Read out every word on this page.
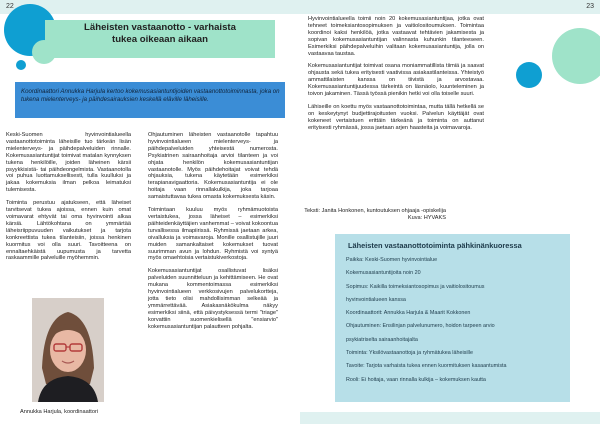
22
Läheisten vastaanotto - varhaista
tukea oikeaan aikaan
Koordinaattori Annukka Harjula kertoo kokemusasiantuntijoiden vastaanottotoiminnasta, joka on tukena mielenterveys- ja päihdesairauksien keskellä eläville läheisille.

Keski-Suomen hyvinvointialueella vastaanottotoiminta läheisille tuo tärkeän lisän mielenterveys- ja päihdepalveluiden rinnalle. Kokemusasiantuntijat toimivat matalan kynnyksen tukena henkilöille, joiden läheinen kärsii psyykkisistä- tai päihdeongelmista. Vastaanotolla voi puhua luottamuksellisesti, tulla kuulluksi ja jakaa kokemuksia ilman pelkoa leimatuksi tulemisesta.

Toiminta perustuu ajatukseen, että läheiset tarvitsevat tukea ajoissa, ennen kuin omat voimavarat ehtyvät tai oma hyvinvointi alkaa kärsiä. Lähtökohtana on ymmärtää läheisriippuvuuden vaikutukset ja tarjota konkreettista tukea tilanteisiin, joissa henkinen kuormitus voi olla suuri. Tavoitteena on ennaltaehkäistä uupumusta ja tarvetta raskaammille palveluille myöhemmin.

Annukka Harjula, koordinaattori

Ohjautuminen läheisten vastaanotolle tapahtuu hyvinvointialueen mielenterveys- ja päihdepalveluiden yhteisestä numerosta. Psykiatrinen sairaanhoitaja arvioi tilanteen ja voi ohjata henkilön kokemusasiantuntijan vastaanotolle. Myös päihdehoitajat voivat tehdä ohjauksia, tukena käytetään esimerkiksi terapianavigaattoria. Kokemusasiantuntija ei ole hoitaja vaan rinnallakulkija, joka tarjoaa samaistuttavaa tukea omasta kokemuksesta käsin.

Toimintaan kuuluu myös ryhmämuotoista vertaistukea, jossa läheiset – esimerkiksi päihteidenkäyttäjien vanhemmat – voivat kokoontua turvallisessa ilmapiirissä. Ryhmissä jaetaan arkea, oivalluksia ja voimavaroja. Monille osallistujille juuri muiden samankaltaiset kokemukset tuovat suurimman avun ja lohdun. Ryhmistä voi syntyä myös omaehtoisia vertaistukiverkostoja.

Kokemusasiantuntijat osallistuvat lisäksi palveluiden suunnitteluun ja kehittämiseen. He ovat mukana kommentoimassa esimerkiksi hyvinvointialueen verkkosivujen palvelukortteja, jotta tieto olisi mahdollisimman selkeää ja ymmärrettävää. Asiakasnäkökulma näkyy esimerkiksi siinä, että päivystyksessä termi "triage" korvattiin suomenkielisellä "ensiarvio" kokemusasiantuntijan palautteen pohjalta.

23

Hyvinvointialueella toimii noin 20 kokemusasiantuntijaa, jotka ovat tehneet toimeksiantosopimuksen ja vaitiolositoumuksen. Toimintaa koordinoi kaksi henkilöä, jotka vastaavat tehtävien jakamisesta ja sopivan kokemusasiantuntijan valinnasta kuhunkin tilanteeseen. Esimerkiksi päihdepalveluihin valitaan kokemusasiantuntija, jolla on vastaavaa taustaa.

Kokemusasiantuntijat toimivat osana moniammatillista tiimiä ja saavat ohjausta sekä tukea erityisesti vaativissa asiakastilanteissa. Yhteistyö ammattilaisten kanssa on tiivistä ja arvostavaa. Kokemusasiantuntijuudessa tärkeintä on läsnäolo, kuunteleminen ja toivon jakaminen. Tässä työssä pienikin hetki voi olla toiselle suuri.

Lähiseille on koettu myös vastaanottotoimintaa, mutta tällä hetkellä se on keskeytynyt budjettirajoitusten vuoksi. Palvelun käyttäjät ovat kokeneet vertaistuen erittäin tärkeänä ja toiminta on auttanut erityisesti ryhmässä, jossa jaetaan arjen haasteita ja voimavaroja.

Teksti: Janita Honkonen, kuntoutuksen ohjaaja -opiskelija
Kuva: HYVAKS
Läheisten vastaanottotoiminta pähkinänkuoressa
Paikka: Keski-Suomen hyvinvointialue
Kokemusasiantuntijoita noin 20
Sopimus: Kaikilla toimeksiantosopimus ja vaitiolositoumus
hyvinvointialueen kanssa
Koordinaattorit: Annukka Harjula & Maarit Kokkonen
Ohjautuminen: Ensilinjan palvelunumero, hoidon tarpeen arvio
psykiatriselta sairaanhoitajalta
Toiminta: Yksilövastaanottoja ja ryhmätukea läheisille
Tavoite: Tarjota varhaista tukea ennen kuormituksen kasaantumista
Rooli: Ei hoitaja, vaan rinnalla kulkija – kokemuksen kautta
